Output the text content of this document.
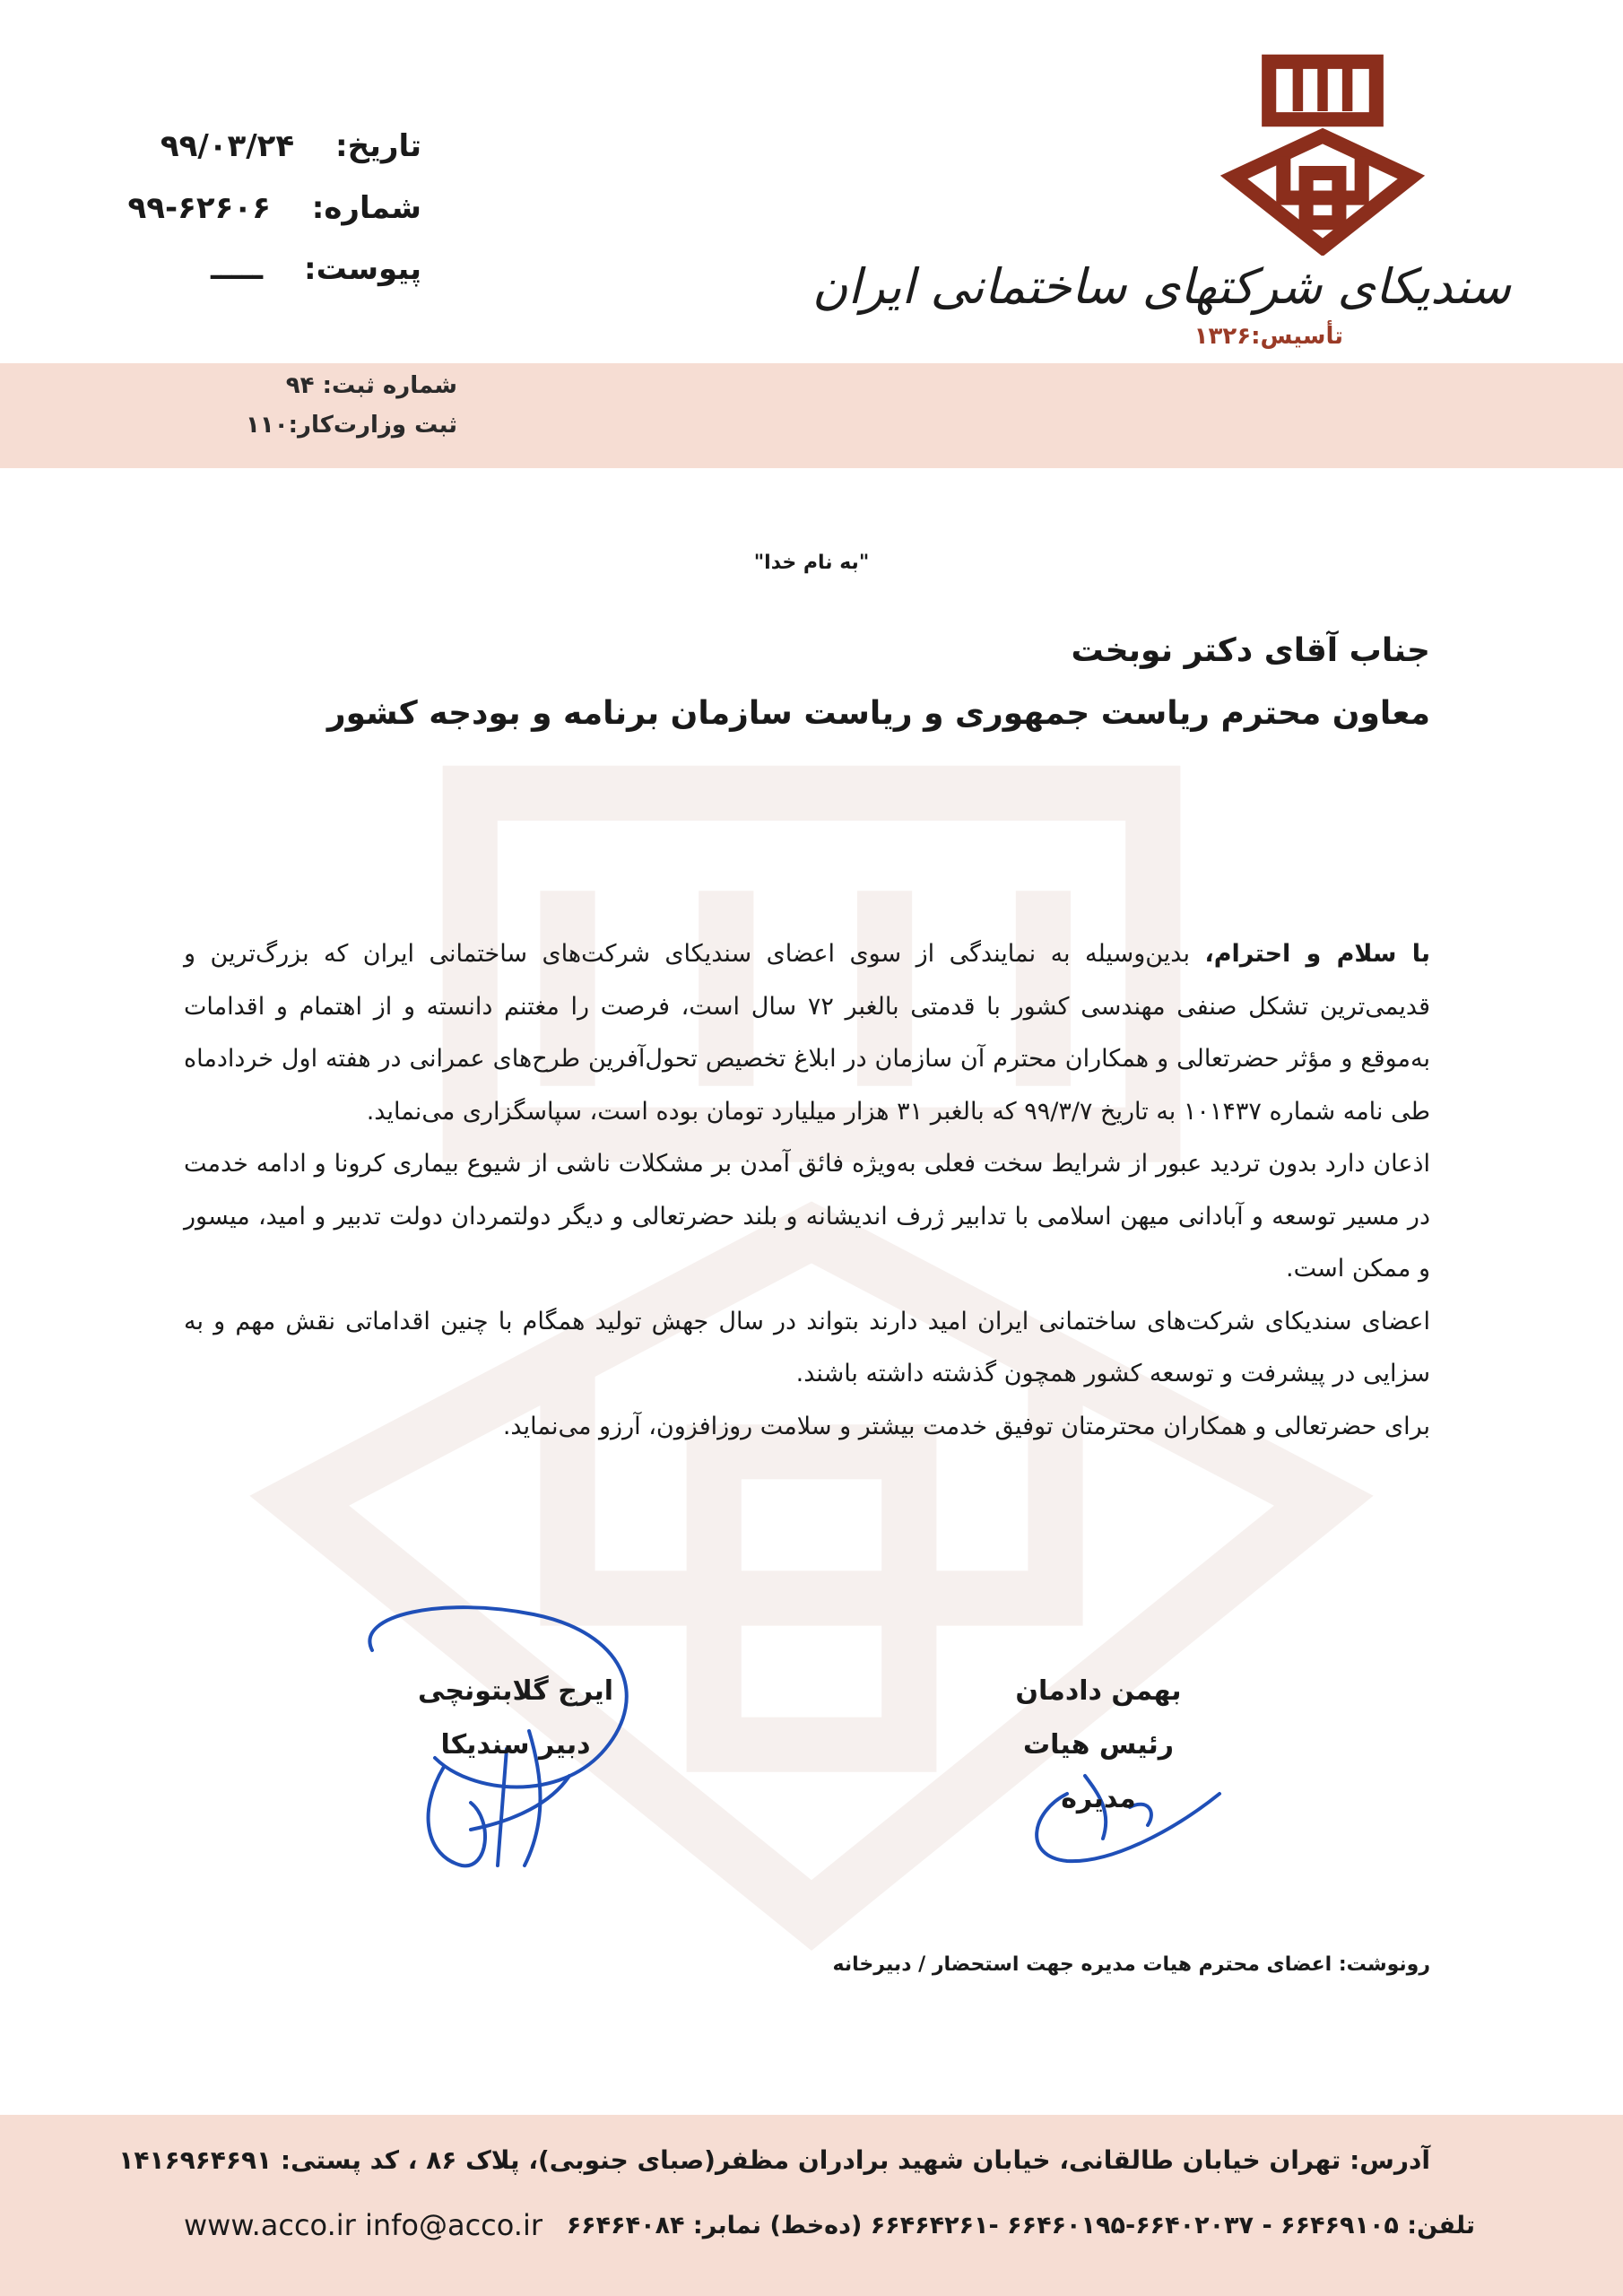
تاریخ: ۹۹/۰۳/۲۴
شماره: ۹۹-۶۲۶۰۶
پیوست: ـــــ
شماره ثبت: ۹۴
ثبت وزارت‌کار:۱۱۰
سندیکای شرکتهای ساختمانی ایران
تأسیس:۱۳۲۶
"به نام خدا"
جناب آقای دکتر نوبخت
معاون محترم ریاست جمهوری و ریاست سازمان برنامه و بودجه کشور

با سلام و احترام، بدین‌وسیله به نمایندگی از سوی اعضای سندیکای شرکت‌های ساختمانی ایران که بزرگ‌ترین و قدیمی‌ترین تشکل صنفی مهندسی کشور با قدمتی بالغبر ۷۲ سال است، فرصت را مغتنم دانسته و از اهتمام و اقدامات به‌موقع و مؤثر حضرتعالی و همکاران محترم آن سازمان در ابلاغ تخصیص تحول‌آفرین طرح‌های عمرانی در هفته اول خردادماه طی نامه شماره ۱۰۱۴۳۷ به تاریخ ۹۹/۳/۷ که بالغبر ۳۱ هزار میلیارد تومان بوده است، سپاسگزاری می‌نماید.

اذعان دارد بدون تردید عبور از شرایط سخت فعلی به‌ویژه فائق آمدن بر مشکلات ناشی از شیوع بیماری کرونا و ادامه خدمت در مسیر توسعه و آبادانی میهن اسلامی با تدابیر ژرف اندیشانه و بلند حضرتعالی و دیگر دولتمردان دولت تدبیر و امید، میسور و ممکن است.

اعضای سندیکای شرکت‌های ساختمانی ایران امید دارند بتواند در سال جهش تولید همگام با چنین اقداماتی نقش مهم و به سزایی در پیشرفت و توسعه کشور همچون گذشته داشته باشند.

برای حضرتعالی و همکاران محترمتان توفیق خدمت بیشتر و سلامت روزافزون، آرزو می‌نماید.

ایرج گلابتونچی
دبیر سندیکا
بهمن دادمان
رئیس هیات مدیره
رونوشت: اعضای محترم هیات مدیره جهت استحضار / دبیرخانه
آدرس: تهران خیابان طالقانی، خیابان شهید برادران مظفر(صبای جنوبی)، پلاک ۸۶ ، کد پستی: ۱۴۱۶۹۶۴۶۹۱
تلفن: ۶۶۴۶۹۱۰۵ - ۶۶۴۰۲۰۳۷-۶۶۴۶۰۱۹۵ -۶۶۴۶۴۲۶۱ (ده‌خط) نمابر: ۶۶۴۶۴۰۸۴
www.acco.ir info@acco.ir
